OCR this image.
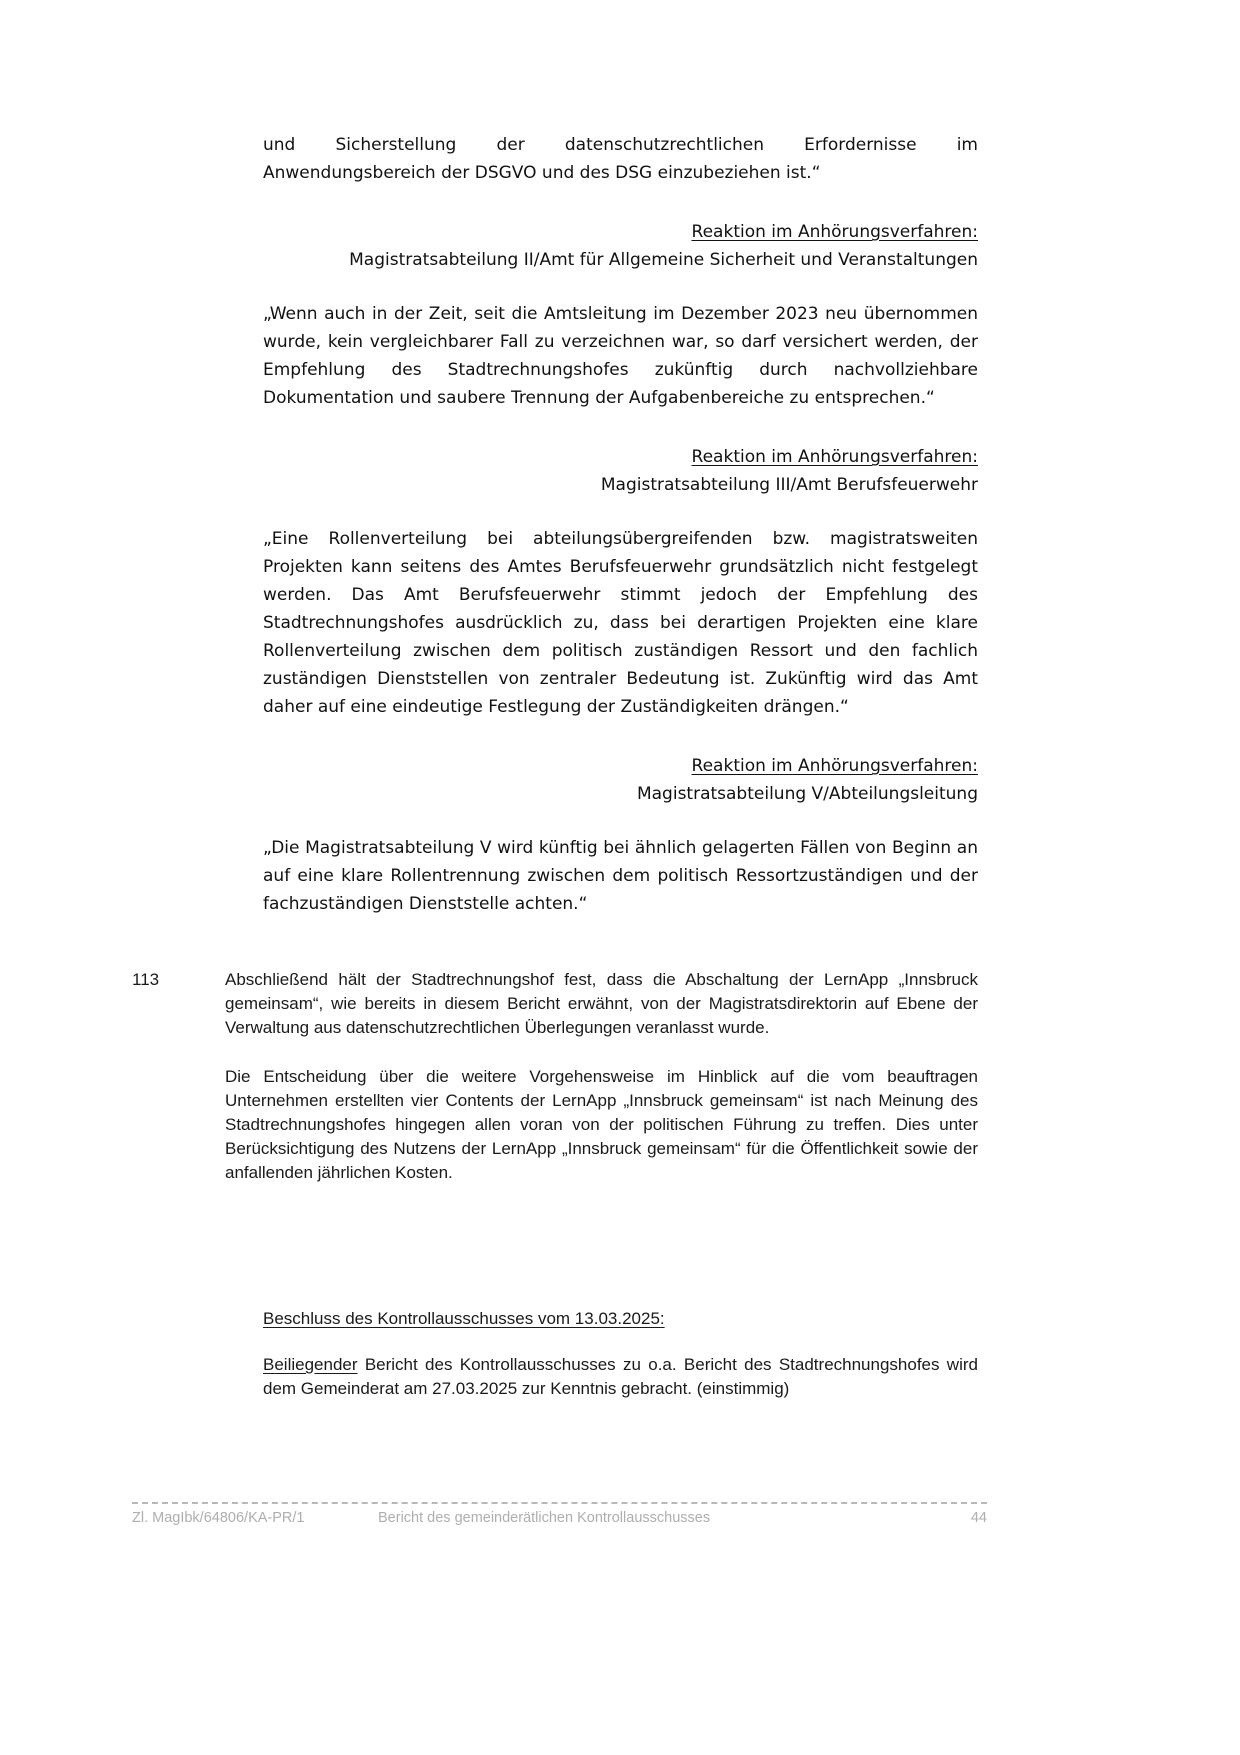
und Sicherstellung der datenschutzrechtlichen Erfordernisse im Anwendungsbereich der DSGVO und des DSG einzubeziehen ist.“

Reaktion im Anhörungsverfahren:
Magistratsabteilung II/Amt für Allgemeine Sicherheit und Veranstaltungen

„Wenn auch in der Zeit, seit die Amtsleitung im Dezember 2023 neu übernommen wurde, kein vergleichbarer Fall zu verzeichnen war, so darf versichert werden, der Empfehlung des Stadtrechnungshofes zukünftig durch nachvollziehbare Dokumentation und saubere Trennung der Aufgabenbereiche zu entsprechen.“

Reaktion im Anhörungsverfahren:
Magistratsabteilung III/Amt Berufsfeuerwehr

„Eine Rollenverteilung bei abteilungsübergreifenden bzw. magistratsweiten Projekten kann seitens des Amtes Berufsfeuerwehr grundsätzlich nicht festgelegt werden. Das Amt Berufsfeuerwehr stimmt jedoch der Empfehlung des Stadtrechnungshofes ausdrücklich zu, dass bei derartigen Projekten eine klare Rollenverteilung zwischen dem politisch zuständigen Ressort und den fachlich zuständigen Dienststellen von zentraler Bedeutung ist. Zukünftig wird das Amt daher auf eine eindeutige Festlegung der Zuständigkeiten drängen.“

Reaktion im Anhörungsverfahren:
Magistratsabteilung V/Abteilungsleitung

„Die Magistratsabteilung V wird künftig bei ähnlich gelagerten Fällen von Beginn an auf eine klare Rollentrennung zwischen dem politisch Ressortzuständigen und der fachzuständigen Dienststelle achten.“

113	Abschließend hält der Stadtrechnungshof fest, dass die Abschaltung der LernApp „Innsbruck gemeinsam“, wie bereits in diesem Bericht erwähnt, von der Magistratsdirektorin auf Ebene der Verwaltung aus datenschutzrechtlichen Überlegungen veranlasst wurde.

Die Entscheidung über die weitere Vorgehensweise im Hinblick auf die vom beauftragen Unternehmen erstellten vier Contents der LernApp „Innsbruck gemeinsam“ ist nach Meinung des Stadtrechnungshofes hingegen allen voran von der politischen Führung zu treffen. Dies unter Berücksichtigung des Nutzens der LernApp „Innsbruck gemeinsam“ für die Öffentlichkeit sowie der anfallenden jährlichen Kosten.

Beschluss des Kontrollausschusses vom 13.03.2025:

Beiliegender Bericht des Kontrollausschusses zu o.a. Bericht des Stadtrechnungshofes wird dem Gemeinderat am 27.03.2025 zur Kenntnis gebracht. (einstimmig)

Zl. MagIbk/64806/KA-PR/1	Bericht des gemeinderätlichen Kontrollausschusses	44
